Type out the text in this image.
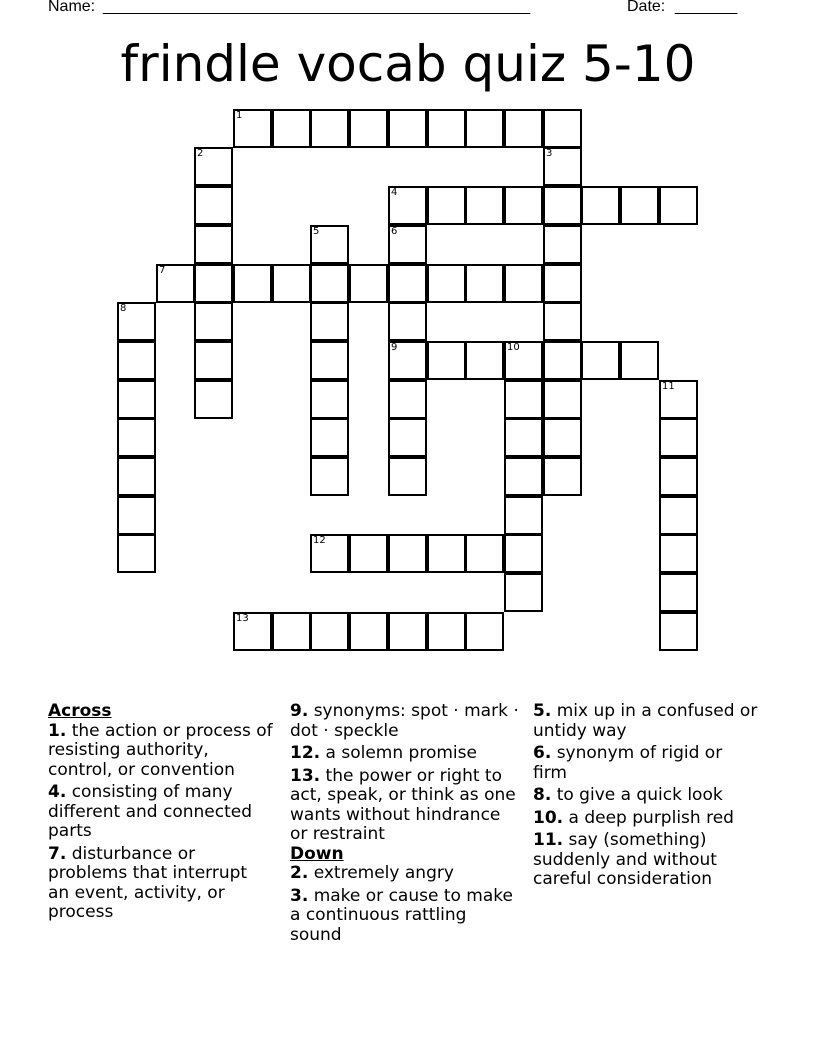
Name: ________________________________________________	Date: _______
frindle vocab quiz 5-10
1
2	3
4
5	6
7
8
9	10
11
12
13
Across
1. the action or process of resisting authority, control, or convention
4. consisting of many different and connected parts
7. disturbance or problems that interrupt an event, activity, or process
9. synonyms: spot · mark · dot · speckle
12. a solemn promise
13. the power or right to act, speak, or think as one wants without hindrance or restraint
Down
2. extremely angry
3. make or cause to make a continuous rattling sound
5. mix up in a confused or untidy way
6. synonym of rigid or firm
8. to give a quick look
10. a deep purplish red
11. say (something) suddenly and without careful consideration
